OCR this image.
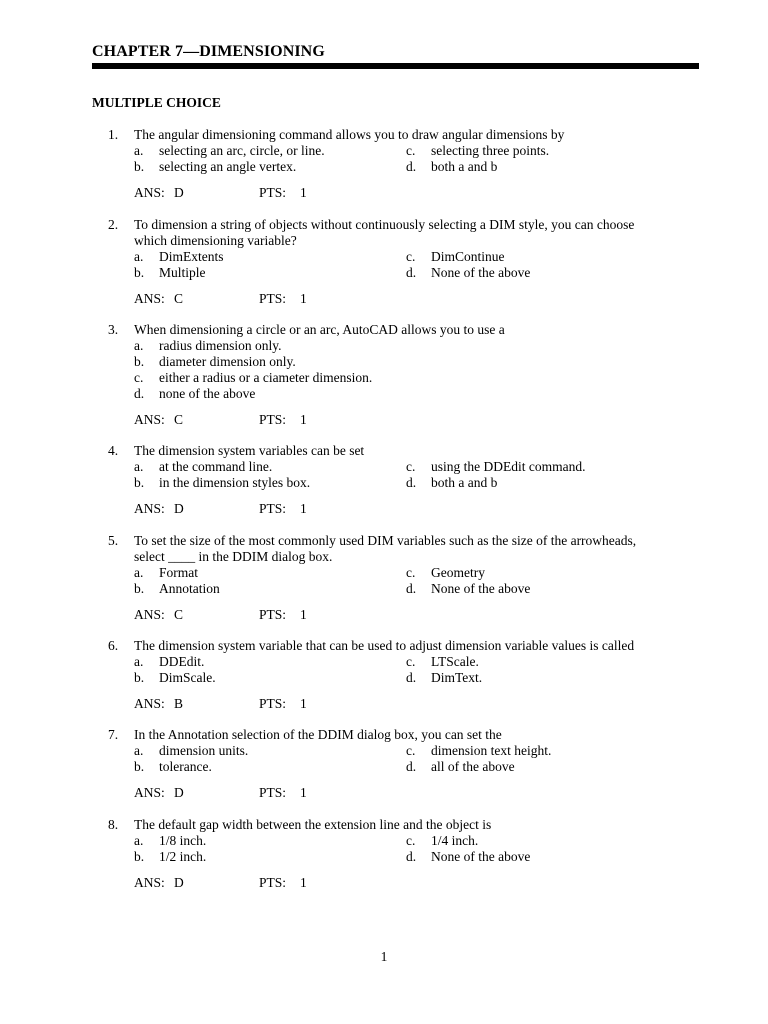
CHAPTER 7—DIMENSIONING
MULTIPLE CHOICE
1.	The angular dimensioning command allows you to draw angular dimensions by
a. selecting an arc, circle, or line.
b. selecting an angle vertex.
c. selecting three points.
d. both a and b
ANS: D	PTS: 1
2.	To dimension a string of objects without continuously selecting a DIM style, you can choose
which dimensioning variable?
a. DimExtents
b. Multiple
c. DimContinue
d. None of the above
ANS: C	PTS: 1
3.	When dimensioning a circle or an arc, AutoCAD allows you to use a
a. radius dimension only.
b. diameter dimension only.
c. either a radius or a ciameter dimension.
d. none of the above
ANS: C	PTS: 1
4.	The dimension system variables can be set
a. at the command line.
b. in the dimension styles box.
c. using the DDEdit command.
d. both a and b
ANS: D	PTS: 1
5.	To set the size of the most commonly used DIM variables such as the size of the arrowheads,
select ____ in the DDIM dialog box.
a. Format
b. Annotation
c. Geometry
d. None of the above
ANS: C	PTS: 1
6.	The dimension system variable that can be used to adjust dimension variable values is called
a. DDEdit.
b. DimScale.
c. LTScale.
d. DimText.
ANS: B	PTS: 1
7.	In the Annotation selection of the DDIM dialog box, you can set the
a. dimension units.
b. tolerance.
c. dimension text height.
d. all of the above
ANS: D	PTS: 1
8.	The default gap width between the extension line and the object is
a. 1/8 inch.
b. 1/2 inch.
c. 1/4 inch.
d. None of the above
ANS: D	PTS: 1
1
